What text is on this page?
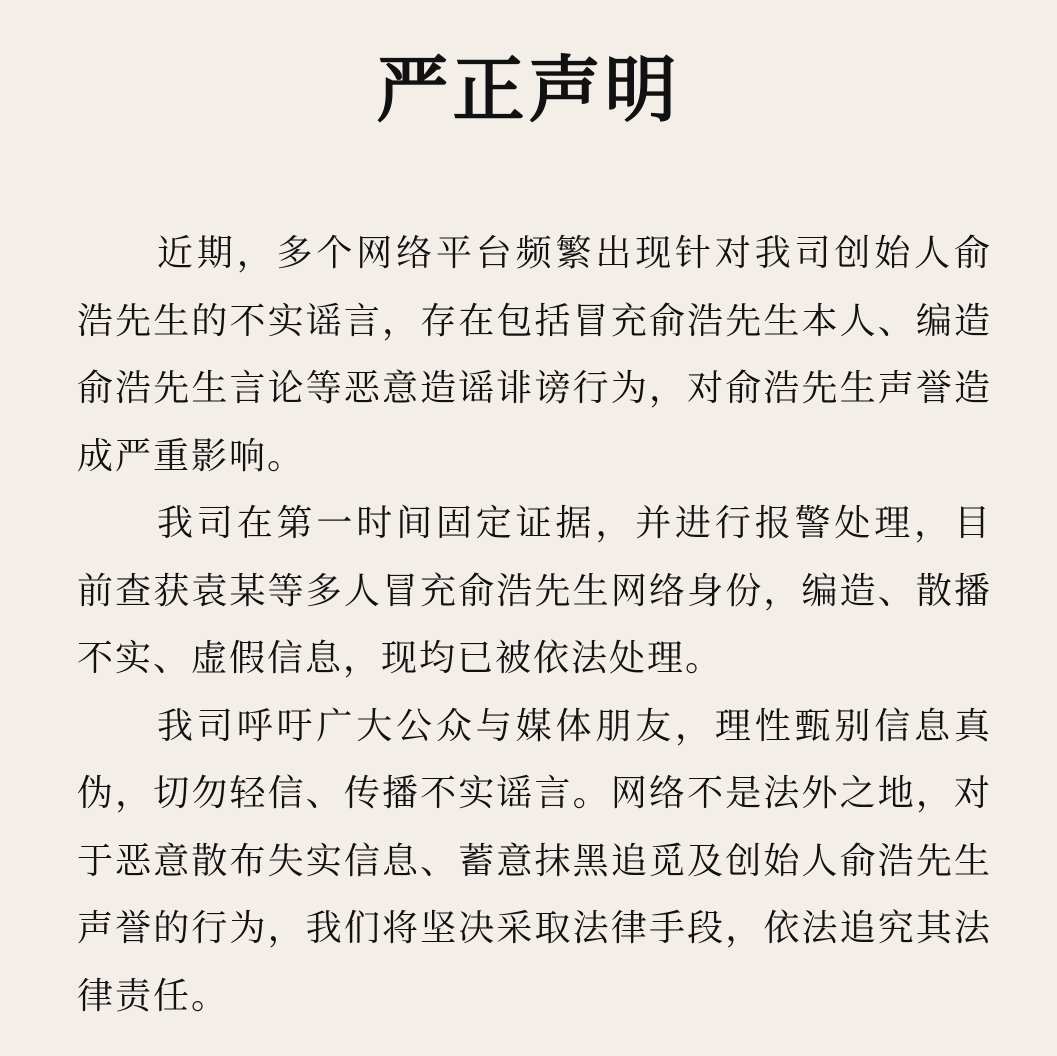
严正声明

近期，多个网络平台频繁出现针对我司创始人俞浩先生的不实谣言，存在包括冒充俞浩先生本人、编造俞浩先生言论等恶意造谣诽谤行为，对俞浩先生声誉造成严重影响。

我司在第一时间固定证据，并进行报警处理，目前查获袁某等多人冒充俞浩先生网络身份，编造、散播不实、虚假信息，现均已被依法处理。

我司呼吁广大公众与媒体朋友，理性甄别信息真伪，切勿轻信、传播不实谣言。网络不是法外之地，对于恶意散布失实信息、蓄意抹黑追觅及创始人俞浩先生声誉的行为，我们将坚决采取法律手段，依法追究其法律责任。
